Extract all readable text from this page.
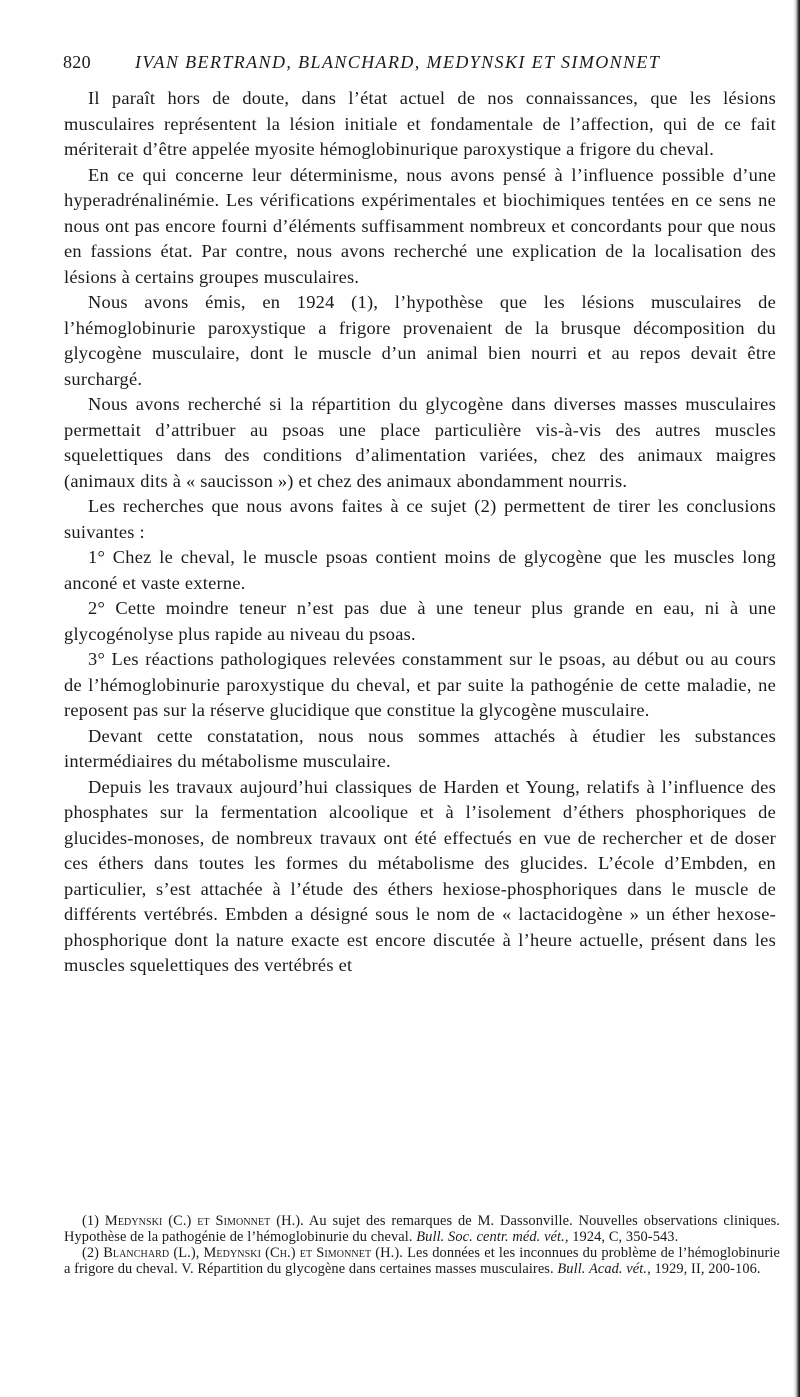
820 IVAN BERTRAND, BLANCHARD, MEDYNSKI ET SIMONNET

Il paraît hors de doute, dans l’état actuel de nos connaissances, que les lésions musculaires représentent la lésion initiale et fondamentale de l’affection, qui de ce fait mériterait d’être appelée myosite hémoglobinurique paroxystique a frigore du cheval.

En ce qui concerne leur déterminisme, nous avons pensé à l’influence possible d’une hyperadrénalinémie. Les vérifications expérimentales et biochimiques tentées en ce sens ne nous ont pas encore fourni d’éléments suffisamment nombreux et concordants pour que nous en fassions état. Par contre, nous avons recherché une explication de la localisation des lésions à certains groupes musculaires.

Nous avons émis, en 1924 (1), l’hypothèse que les lésions musculaires de l’hémoglobinurie paroxystique a frigore provenaient de la brusque décomposition du glycogène musculaire, dont le muscle d’un animal bien nourri et au repos devait être surchargé.

Nous avons recherché si la répartition du glycogène dans diverses masses musculaires permettait d’attribuer au psoas une place particulière vis-à-vis des autres muscles squelettiques dans des conditions d’alimentation variées, chez des animaux maigres (animaux dits à « saucisson ») et chez des animaux abondamment nourris.

Les recherches que nous avons faites à ce sujet (2) permettent de tirer les conclusions suivantes :

1° Chez le cheval, le muscle psoas contient moins de glycogène que les muscles long anconé et vaste externe.

2° Cette moindre teneur n’est pas due à une teneur plus grande en eau, ni à une glycogénolyse plus rapide au niveau du psoas.

3° Les réactions pathologiques relevées constamment sur le psoas, au début ou au cours de l’hémoglobinurie paroxystique du cheval, et par suite la pathogénie de cette maladie, ne reposent pas sur la réserve glucidique que constitue la glycogène musculaire.

Devant cette constatation, nous nous sommes attachés à étudier les substances intermédiaires du métabolisme musculaire.

Depuis les travaux aujourd’hui classiques de Harden et Young, relatifs à l’influence des phosphates sur la fermentation alcoolique et à l’isolement d’éthers phosphoriques de glucides-monoses, de nombreux travaux ont été effectués en vue de rechercher et de doser ces éthers dans toutes les formes du métabolisme des glucides. L’école d’Embden, en particulier, s’est attachée à l’étude des éthers hexiose-phosphoriques dans le muscle de différents vertébrés. Embden a désigné sous le nom de « lactacidogène » un éther hexose-phosphorique dont la nature exacte est encore discutée à l’heure actuelle, présent dans les muscles squelettiques des vertébrés et

(1) Medynski (C.) et Simonnet (H.). Au sujet des remarques de M. Dassonville. Nouvelles observations cliniques. Hypothèse de la pathogénie de l’hémoglobinurie du cheval. Bull. Soc. centr. méd. vét., 1924, C, 350-543.

(2) Blanchard (L.), Medynski (Ch.) et Simonnet (H.). Les données et les inconnues du problème de l’hémoglobinurie a frigore du cheval. V. Répartition du glycogène dans certaines masses musculaires. Bull. Acad. vét., 1929, II, 200-106.
